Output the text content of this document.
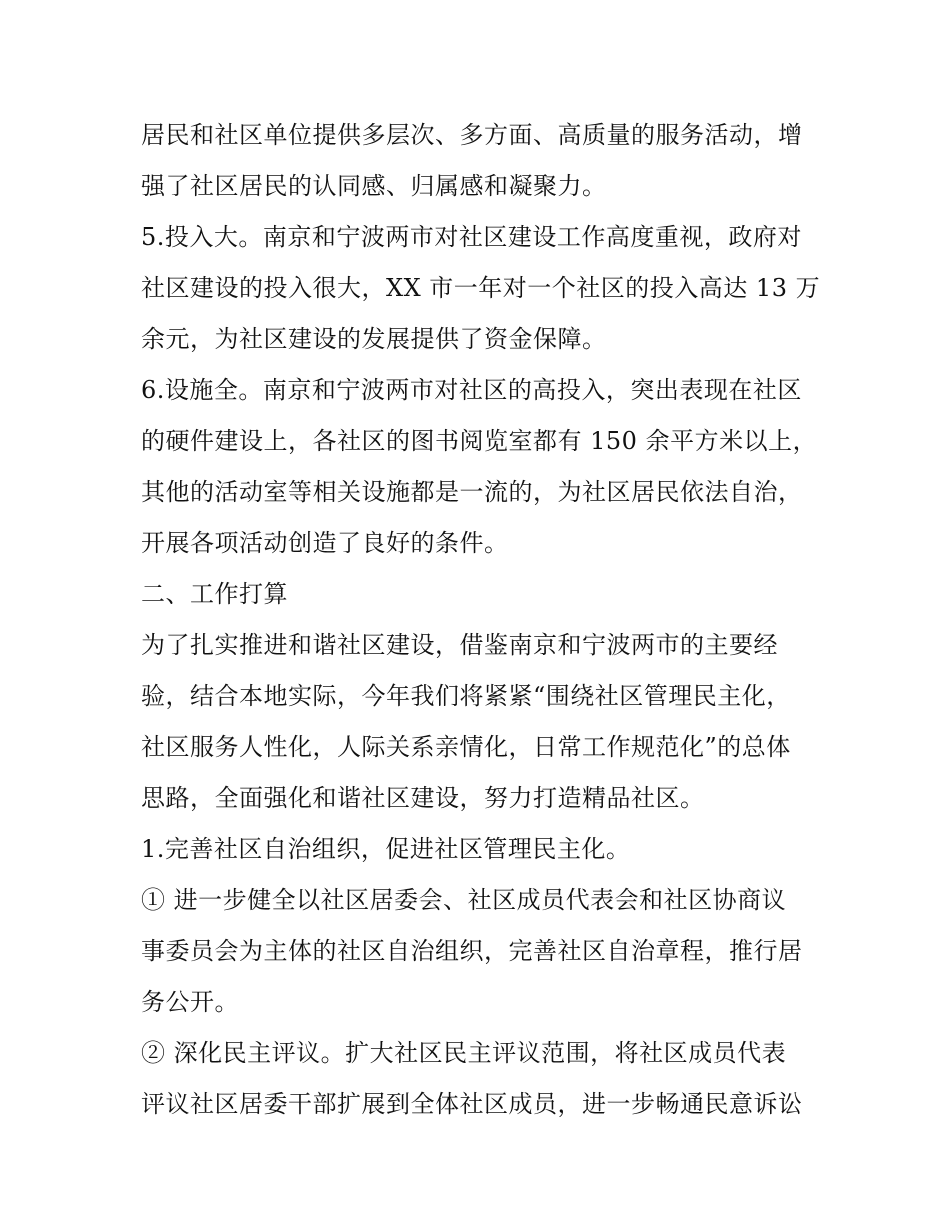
居民和社区单位提供多层次、多方面、高质量的服务活动，增
强了社区居民的认同感、归属感和凝聚力。
5.投入大。南京和宁波两市对社区建设工作高度重视，政府对
社区建设的投入很大，XX 市一年对一个社区的投入高达 13 万
余元，为社区建设的发展提供了资金保障。
6.设施全。南京和宁波两市对社区的高投入，突出表现在社区
的硬件建设上，各社区的图书阅览室都有 150 余平方米以上，
其他的活动室等相关设施都是一流的，为社区居民依法自治，
开展各项活动创造了良好的条件。
二、工作打算
为了扎实推进和谐社区建设，借鉴南京和宁波两市的主要经
验，结合本地实际，今年我们将紧紧“围绕社区管理民主化，
社区服务人性化，人际关系亲情化，日常工作规范化”的总体
思路，全面强化和谐社区建设，努力打造精品社区。
1.完善社区自治组织，促进社区管理民主化。
① 进一步健全以社区居委会、社区成员代表会和社区协商议
事委员会为主体的社区自治组织，完善社区自治章程，推行居
务公开。
② 深化民主评议。扩大社区民主评议范围，将社区成员代表
评议社区居委干部扩展到全体社区成员，进一步畅通民意诉讼
